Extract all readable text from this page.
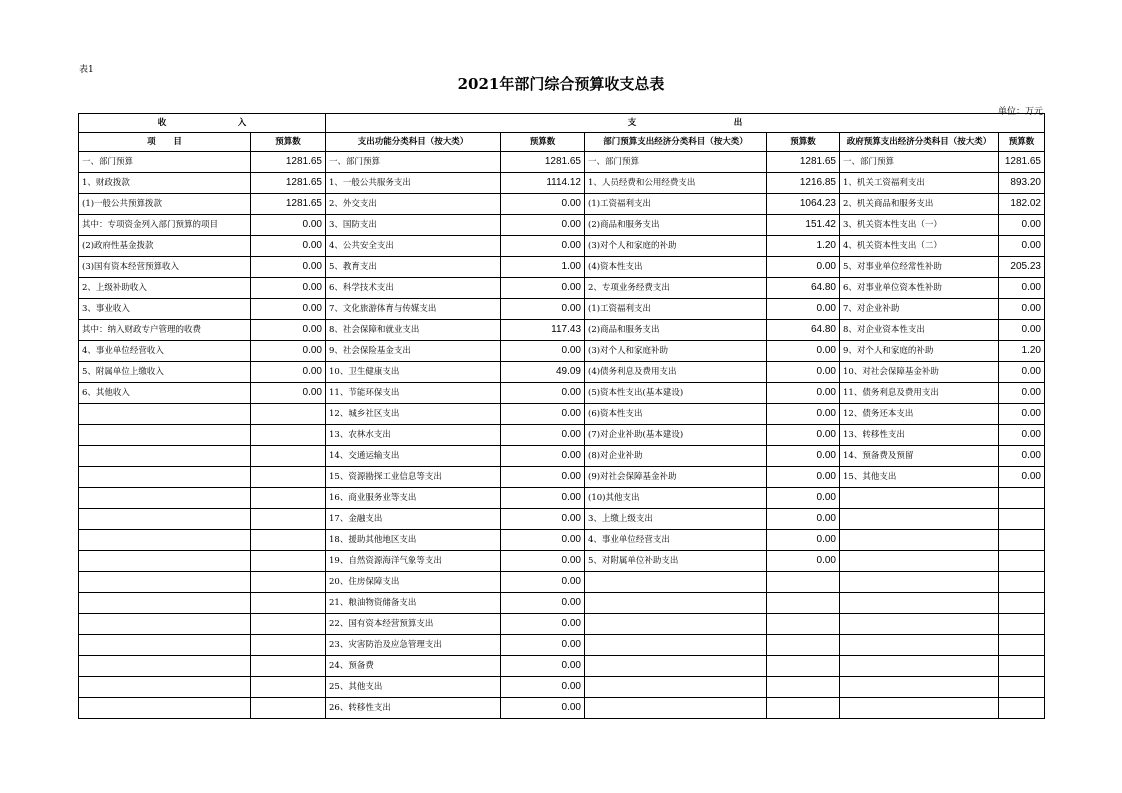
表1
2021年部门综合预算收支总表
单位：万元
收 入		支 出					

项      目	预算数	支出功能分类科目（按大类）	预算数	部门预算支出经济分类科目（按大类）	预算数	政府预算支出经济分类科目（按大类）	预算数
一、部门预算	1281.65	一、部门预算	1281.65	一、部门预算	1281.65	一、部门预算	1281.65
1、财政拨款	1281.65	1、一般公共服务支出	1114.12	1、人员经费和公用经费支出	1216.85	1、机关工资福利支出	893.20
(1)一般公共预算拨款	1281.65	2、外交支出	0.00	(1)工资福利支出	1064.23	2、机关商品和服务支出	182.02
其中：专项资金列入部门预算的项目	0.00	3、国防支出	0.00	(2)商品和服务支出	151.42	3、机关资本性支出（一）	0.00
(2)政府性基金拨款	0.00	4、公共安全支出	0.00	(3)对个人和家庭的补助	1.20	4、机关资本性支出（二）	0.00
(3)国有资本经营预算收入	0.00	5、教育支出	1.00	(4)资本性支出	0.00	5、对事业单位经常性补助	205.23
2、上级补助收入	0.00	6、科学技术支出	0.00	2、专项业务经费支出	64.80	6、对事业单位资本性补助	0.00
3、事业收入	0.00	7、文化旅游体育与传媒支出	0.00	(1)工资福利支出	0.00	7、对企业补助	0.00
其中：纳入财政专户管理的收费	0.00	8、社会保障和就业支出	117.43	(2)商品和服务支出	64.80	8、对企业资本性支出	0.00
4、事业单位经营收入	0.00	9、社会保险基金支出	0.00	(3)对个人和家庭补助	0.00	9、对个人和家庭的补助	1.20
5、附属单位上缴收入	0.00	10、卫生健康支出	49.09	(4)债务利息及费用支出	0.00	10、对社会保障基金补助	0.00
6、其他收入	0.00	11、节能环保支出	0.00	(5)资本性支出(基本建设)	0.00	11、债务利息及费用支出	0.00
		12、城乡社区支出	0.00	(6)资本性支出	0.00	12、债务还本支出	0.00
		13、农林水支出	0.00	(7)对企业补助(基本建设)	0.00	13、转移性支出	0.00
		14、交通运输支出	0.00	(8)对企业补助	0.00	14、预备费及预留	0.00
		15、资源勘探工业信息等支出	0.00	(9)对社会保障基金补助	0.00	15、其他支出	0.00
		16、商业服务业等支出	0.00	(10)其他支出	0.00		
		17、金融支出	0.00	3、上缴上级支出	0.00		
		18、援助其他地区支出	0.00	4、事业单位经营支出	0.00		
		19、自然资源海洋气象等支出	0.00	5、对附属单位补助支出	0.00		
		20、住房保障支出	0.00				
		21、粮油物资储备支出	0.00				
		22、国有资本经营预算支出	0.00				
		23、灾害防治及应急管理支出	0.00				
		24、预备费	0.00				
		25、其他支出	0.00				
		26、转移性支出	0.00				
